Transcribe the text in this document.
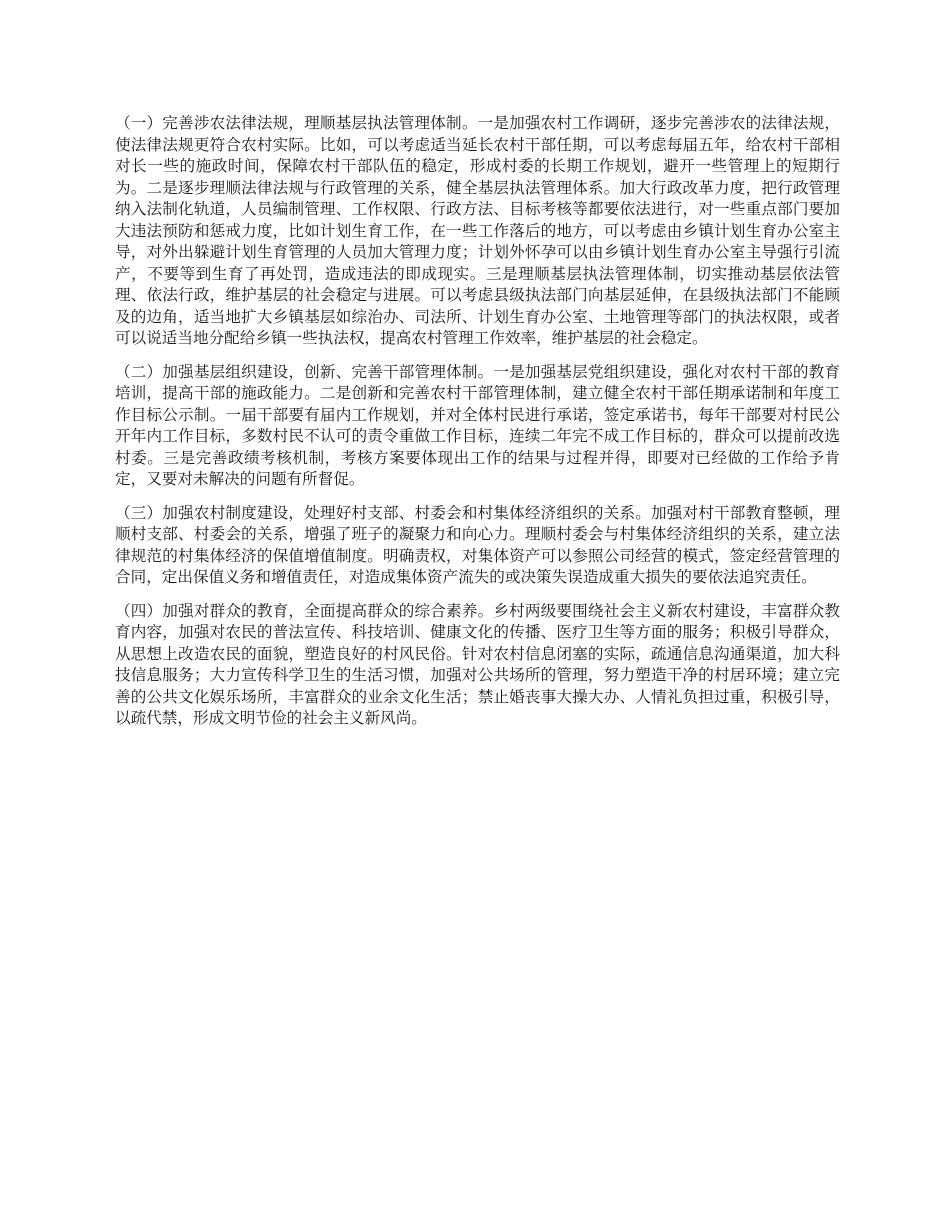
（一）完善涉农法律法规，理顺基层执法管理体制。一是加强农村工作调研，逐步完善涉农的法律法规，使法律法规更符合农村实际。比如，可以考虑适当延长农村干部任期，可以考虑每届五年，给农村干部相对长一些的施政时间，保障农村干部队伍的稳定，形成村委的长期工作规划，避开一些管理上的短期行为。二是逐步理顺法律法规与行政管理的关系，健全基层执法管理体系。加大行政改革力度，把行政管理纳入法制化轨道，人员编制管理、工作权限、行政方法、目标考核等都要依法进行，对一些重点部门要加大违法预防和惩戒力度，比如计划生育工作，在一些工作落后的地方，可以考虑由乡镇计划生育办公室主导，对外出躲避计划生育管理的人员加大管理力度；计划外怀孕可以由乡镇计划生育办公室主导强行引流产，不要等到生育了再处罚，造成违法的即成现实。三是理顺基层执法管理体制，切实推动基层依法管理、依法行政，维护基层的社会稳定与进展。可以考虑县级执法部门向基层延伸，在县级执法部门不能顾及的边角，适当地扩大乡镇基层如综治办、司法所、计划生育办公室、土地管理等部门的执法权限，或者可以说适当地分配给乡镇一些执法权，提高农村管理工作效率，维护基层的社会稳定。

（二）加强基层组织建设，创新、完善干部管理体制。一是加强基层党组织建设，强化对农村干部的教育培训，提高干部的施政能力。二是创新和完善农村干部管理体制，建立健全农村干部任期承诺制和年度工作目标公示制。一届干部要有届内工作规划，并对全体村民进行承诺，签定承诺书，每年干部要对村民公开年内工作目标，多数村民不认可的责令重做工作目标，连续二年完不成工作目标的，群众可以提前改选村委。三是完善政绩考核机制，考核方案要体现出工作的结果与过程并得，即要对已经做的工作给予肯定，又要对未解决的问题有所督促。

（三）加强农村制度建设，处理好村支部、村委会和村集体经济组织的关系。加强对村干部教育整顿，理顺村支部、村委会的关系，增强了班子的凝聚力和向心力。理顺村委会与村集体经济组织的关系，建立法律规范的村集体经济的保值增值制度。明确责权，对集体资产可以参照公司经营的模式，签定经营管理的合同，定出保值义务和增值责任，对造成集体资产流失的或决策失误造成重大损失的要依法追究责任。

（四）加强对群众的教育，全面提高群众的综合素养。乡村两级要围绕社会主义新农村建设，丰富群众教育内容，加强对农民的普法宣传、科技培训、健康文化的传播、医疗卫生等方面的服务；积极引导群众，从思想上改造农民的面貌，塑造良好的村风民俗。针对农村信息闭塞的实际，疏通信息沟通渠道，加大科技信息服务；大力宣传科学卫生的生活习惯，加强对公共场所的管理，努力塑造干净的村居环境；建立完善的公共文化娱乐场所，丰富群众的业余文化生活；禁止婚丧事大操大办、人情礼负担过重，积极引导，以疏代禁，形成文明节俭的社会主义新风尚。
